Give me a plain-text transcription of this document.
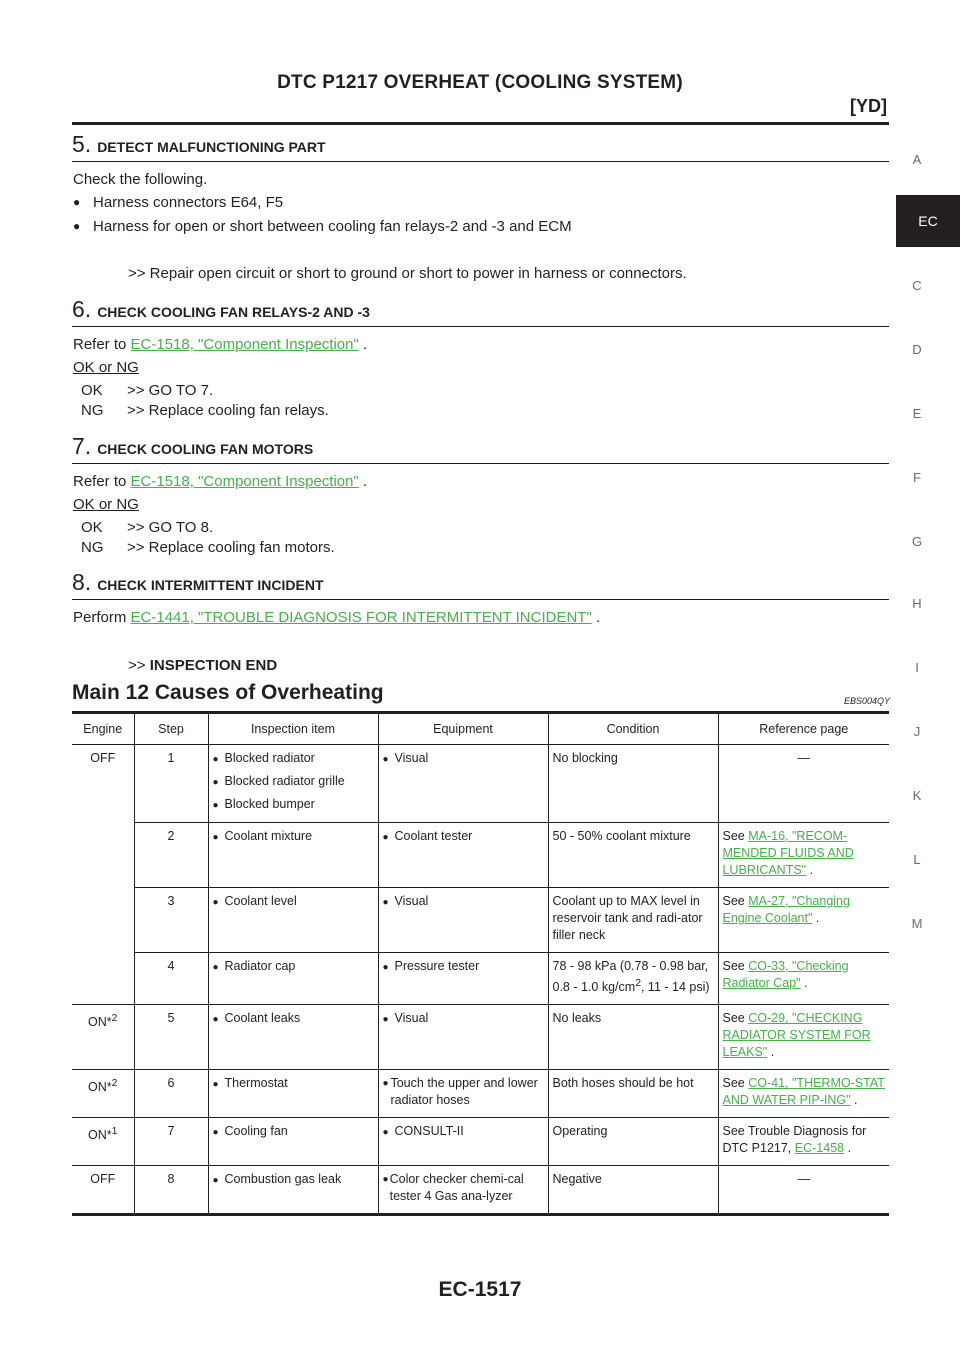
DTC P1217 OVERHEAT (COOLING SYSTEM)
[YD]
A
EC
C
D
E
F
G
H
I
J
K
L
M
5. DETECT MALFUNCTIONING PART
Check the following.
● Harness connectors E64, F5
● Harness for open or short between cooling fan relays-2 and -3 and ECM
>> Repair open circuit or short to ground or short to power in harness or connectors.
6. CHECK COOLING FAN RELAYS-2 AND -3
Refer to EC-1518, "Component Inspection" .
OK or NG
OK >> GO TO 7.
NG >> Replace cooling fan relays.
7. CHECK COOLING FAN MOTORS
Refer to EC-1518, "Component Inspection" .
OK or NG
OK >> GO TO 8.
NG >> Replace cooling fan motors.
8. CHECK INTERMITTENT INCIDENT
Perform EC-1441, "TROUBLE DIAGNOSIS FOR INTERMITTENT INCIDENT" .
>> INSPECTION END
Main 12 Causes of Overheating	EBS004QY
Engine	Step	Inspection item	Equipment	Condition	Reference page
OFF	1	● Blocked radiator
● Blocked radiator grille
● Blocked bumper	● Visual	No blocking	—
	2	● Coolant mixture	● Coolant tester	50 - 50% coolant mixture	See MA-16, "RECOM-MENDED FLUIDS AND LUBRICANTS" .
	3	● Coolant level	● Visual	Coolant up to MAX level in reservoir tank and radi-ator filler neck	See MA-27, "Changing Engine Coolant" .
	4	● Radiator cap	● Pressure tester	78 - 98 kPa (0.78 - 0.98 bar, 0.8 - 1.0 $kg/cm^2$, 11 - 14 psi)	See CO-33, "Checking Radiator Cap" .
ON*$^2$	5	● Coolant leaks	● Visual	No leaks	See CO-29, "CHECKING RADIATOR SYSTEM FOR LEAKS" .
ON*$^2$	6	● Thermostat	● Touch the upper and lower radiator hoses	Both hoses should be hot	See CO-41, "THERMO-STAT AND WATER PIP-ING" .
ON*$^1$	7	● Cooling fan	● CONSULT-II	Operating	See Trouble Diagnosis for DTC P1217, EC-1458 .
OFF	8	● Combustion gas leak	● Color checker chemi-cal tester 4 Gas ana-lyzer	Negative	—
EC-1517
